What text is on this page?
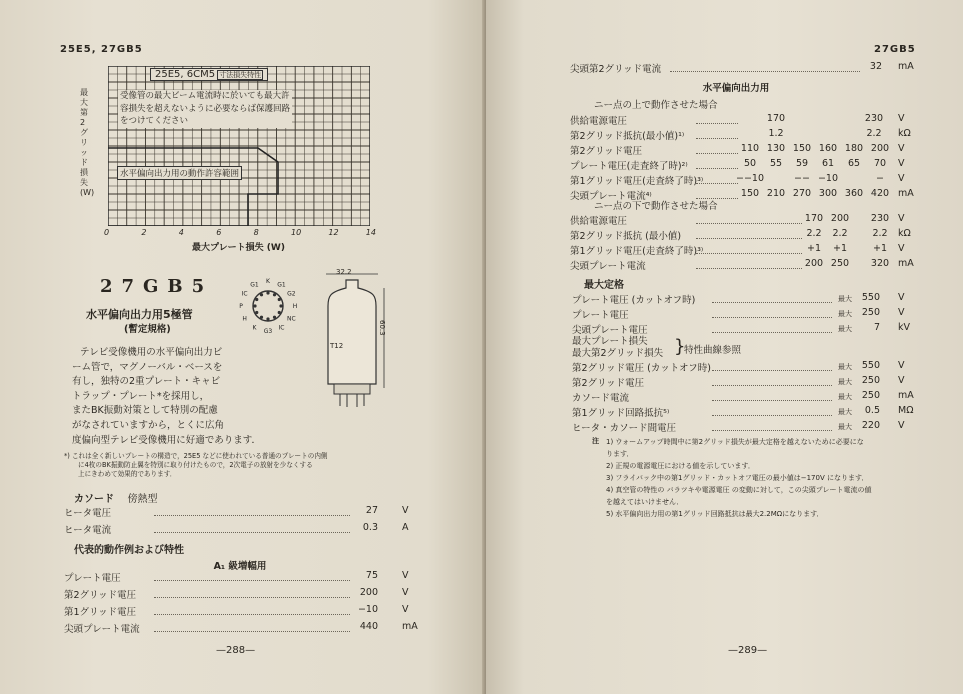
25E5, 27GB5
25E5, 6CM5 寸法損失特性
受像管の最大ビーム電流時に於いても最大許
容損失を超えないように必要ならば保護回路
をつけてください
水平偏向出力用の動作許容範囲
最大第2グリッド損失 (W)
0	2	4	6	8	10	12	14
最大プレート損失 (W)
27GB5
水平偏向出力用5極管
(暫定規格)
K G1
G2
H
NC
IC
G3
K
H
P
IC
G1
32.2
60.3
T12
テレビ受像機用の水平偏向出力ビ
ーム管で，マグノーバル・ベースを
有し，独特の2重プレート・キャビ
トラップ・プレート*を採用し，
またBK振動対策として特別の配慮
がなされていますから，とくに広角
度偏向型テレビ受像機用に好適であります．
*) これは全く新しいプレートの構造で，25E5 などに使われている普通のプレートの内側
に4枚のBK振動防止翼を特別に取り付けたもので，2次電子の放射を少なくする
上にきわめて効果的であります．
カソード 傍熱型
ヒータ電圧	27	V
ヒータ電流	0.3	A
代表的動作例および特性
A₁ 級増幅用
プレート電圧	75	V
第2グリッド電圧	200	V
第1グリッド電圧	−10	V
尖頭プレート電流	440	mA
—288—
27GB5
尖頭第2グリッド電流	32 mA
水平偏向出力用
ニー点の上で動作させた場合
供給電源電圧	170	230	V
第2グリッド抵抗(最小値)¹⁾	1.2	2.2	kΩ
第2グリッド電圧	110 130 150 160 180 200 V
プレート電圧(走査終了時)²⁾	50	55	59	61	65	70	V
第1グリッド電圧(走査終了時)³⁾	−−10	−− −10	−	V
尖頭プレート電流⁴⁾	150 210 270 300 360 420 mA
ニー点の下で動作させた場合
供給電源電圧	170 200	230 V
第2グリッド抵抗 (最小値)	2.2	2.2	2.2	kΩ
第1グリッド電圧(走査終了時)³⁾	+1	+1	+1	V
尖頭プレート電流	200 250	320 mA
最大定格
プレート電圧 (カットオフ時)	最大	550 V
プレート電圧	最大	250 V
尖頭プレート電圧	最大	7 kV
第2グリッド電圧 (カットオフ時)	最大	550 V
第2グリッド電圧	最大	250 V
カソード電流	最大	250 mA
第1グリッド回路抵抗⁵⁾	最大	0.5 MΩ
ヒータ・カソード間電圧	最大	220 V
最大プレート損失
最大第2グリッド損失 }
特性曲線参照
注 1) ウォームアップ時間中に第2グリッド損失が最大定格を越えないために必要にな
ります．
2) 正規の電源電圧における値を示しています．
3) フライバック中の第1グリッド・カットオフ電圧の最小値は−170V になります．
4) 真空管の特性の バラツキや電源電圧 の変動に対して，この尖頭プレート電流の値
を越えてはいけません．
5) 水平偏向出力用の第1グリッド回路抵抗は最大2.2MΩになります．
—289—
